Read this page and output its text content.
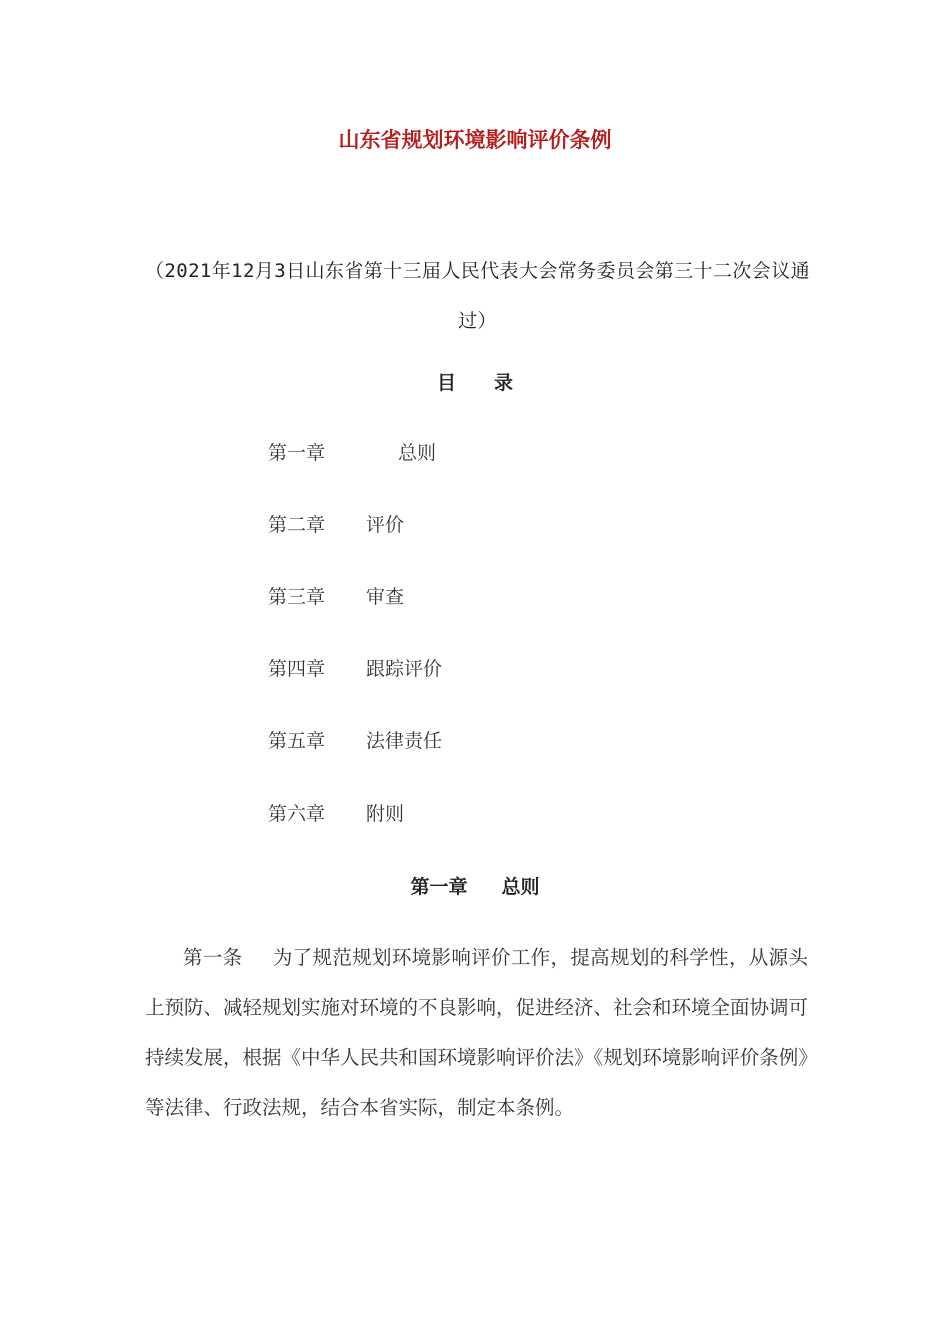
山东省规划环境影响评价条例
（2021年12月3日山东省第十三届人民代表大会常务委员会第三十二次会议通过）
目 录
第一章	总则
第二章 评价
第三章 审查
第四章 跟踪评价
第五章 法律责任
第六章 附则
第一章 总则
第一条 为了规范规划环境影响评价工作，提高规划的科学性，从源头上预防、减轻规划实施对环境的不良影响，促进经济、社会和环境全面协调可持续发展，根据《中华人民共和国环境影响评价法》《规划环境影响评价条例》等法律、行政法规，结合本省实际，制定本条例。
